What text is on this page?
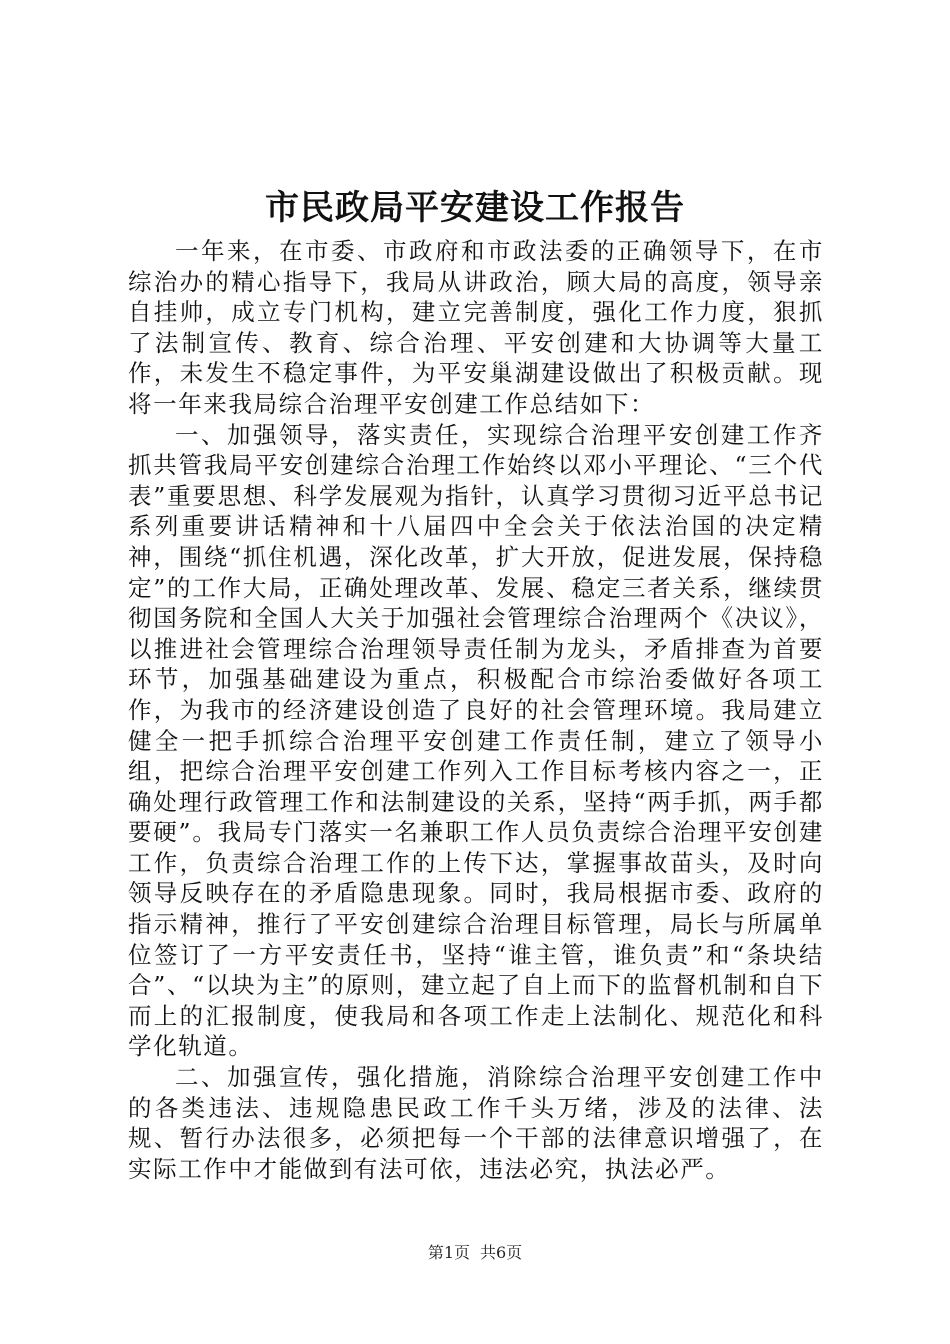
市民政局平安建设工作报告

一年来，在市委、市政府和市政法委的正确领导下，在市综治办的精心指导下，我局从讲政治，顾大局的高度，领导亲自挂帅，成立专门机构，建立完善制度，强化工作力度，狠抓了法制宣传、教育、综合治理、平安创建和大协调等大量工作，未发生不稳定事件，为平安巢湖建设做出了积极贡献。现将一年来我局综合治理平安创建工作总结如下：

一、加强领导，落实责任，实现综合治理平安创建工作齐抓共管我局平安创建综合治理工作始终以邓小平理论、“三个代表”重要思想、科学发展观为指针，认真学习贯彻习近平总书记系列重要讲话精神和十八届四中全会关于依法治国的决定精神，围绕“抓住机遇，深化改革，扩大开放，促进发展，保持稳定”的工作大局，正确处理改革、发展、稳定三者关系，继续贯彻国务院和全国人大关于加强社会管理综合治理两个《决议》，以推进社会管理综合治理领导责任制为龙头，矛盾排查为首要环节，加强基础建设为重点，积极配合市综治委做好各项工作，为我市的经济建设创造了良好的社会管理环境。我局建立健全一把手抓综合治理平安创建工作责任制，建立了领导小组，把综合治理平安创建工作列入工作目标考核内容之一，正确处理行政管理工作和法制建设的关系，坚持“两手抓，两手都要硬”。我局专门落实一名兼职工作人员负责综合治理平安创建工作，负责综合治理工作的上传下达，掌握事故苗头，及时向领导反映存在的矛盾隐患现象。同时，我局根据市委、政府的指示精神，推行了平安创建综合治理目标管理，局长与所属单位签订了一方平安责任书，坚持“谁主管，谁负责”和“条块结合”、“以块为主”的原则，建立起了自上而下的监督机制和自下而上的汇报制度，使我局和各项工作走上法制化、规范化和科学化轨道。

二、加强宣传，强化措施，消除综合治理平安创建工作中的各类违法、违规隐患民政工作千头万绪，涉及的法律、法规、暂行办法很多，必须把每一个干部的法律意识增强了，在实际工作中才能做到有法可依，违法必究，执法必严。

第1页 共6页
